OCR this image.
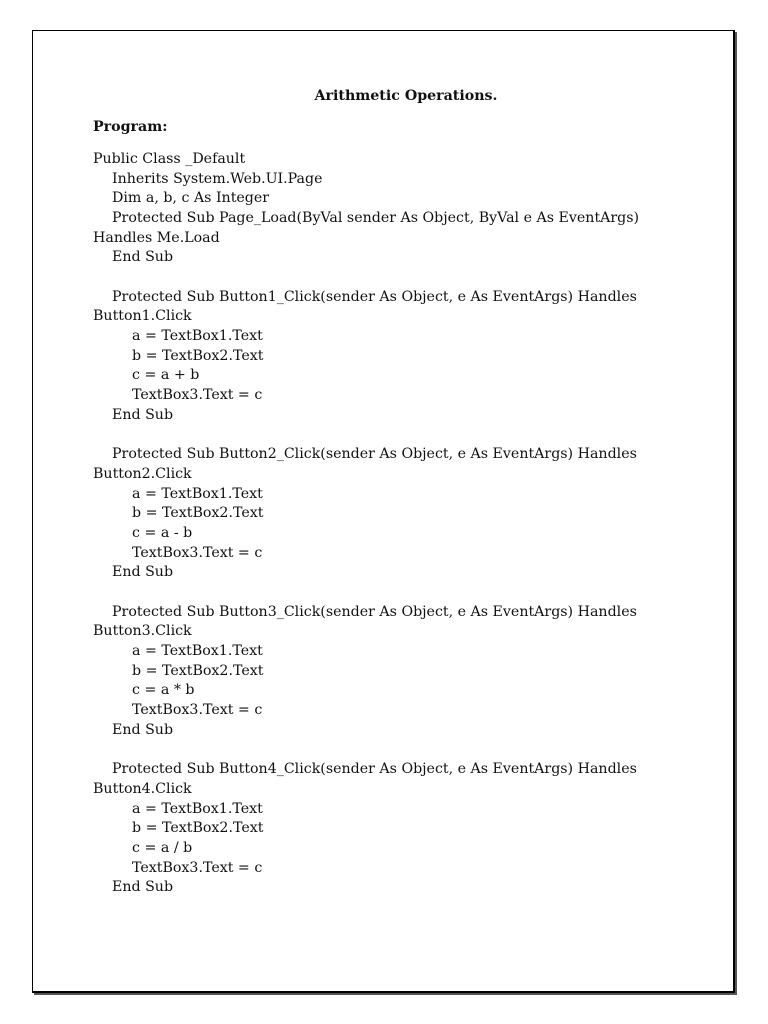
Arithmetic Operations.
Program:
Public Class _Default
Inherits System.Web.UI.Page
Dim a, b, c As Integer
Protected Sub Page_Load(ByVal sender As Object, ByVal e As EventArgs)
Handles Me.Load
End Sub
Protected Sub Button1_Click(sender As Object, e As EventArgs) Handles
Button1.Click
a = TextBox1.Text
b = TextBox2.Text
c = a + b
TextBox3.Text = c
End Sub
Protected Sub Button2_Click(sender As Object, e As EventArgs) Handles
Button2.Click
a = TextBox1.Text
b = TextBox2.Text
c = a - b
TextBox3.Text = c
End Sub
Protected Sub Button3_Click(sender As Object, e As EventArgs) Handles
Button3.Click
a = TextBox1.Text
b = TextBox2.Text
c = a * b
TextBox3.Text = c
End Sub
Protected Sub Button4_Click(sender As Object, e As EventArgs) Handles
Button4.Click
a = TextBox1.Text
b = TextBox2.Text
c = a / b
TextBox3.Text = c
End Sub
